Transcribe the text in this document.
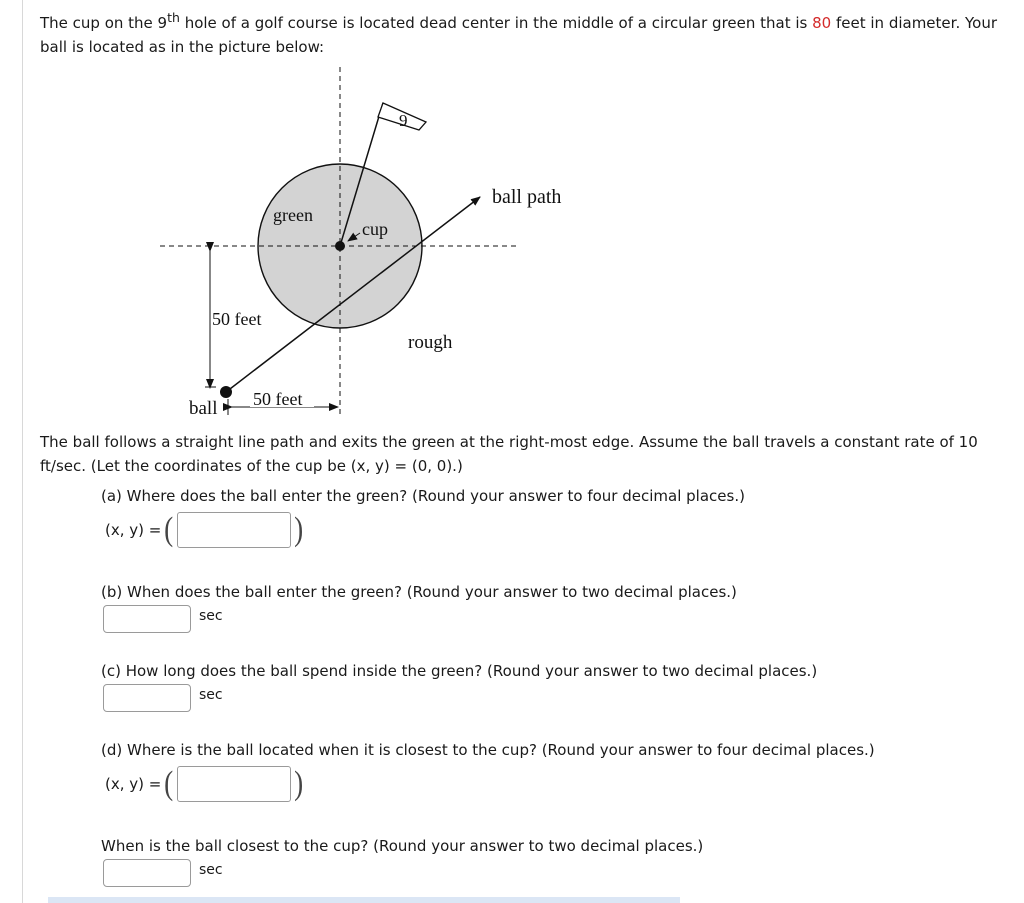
The cup on the 9th hole of a golf course is located dead center in the middle of a circular green that is 80 feet in diameter. Your ball is located as in the picture below:

9
green
cup
ball path
rough
50 feet
50 feet
ball

The ball follows a straight line path and exits the green at the right-most edge. Assume the ball travels a constant rate of 10 ft/sec. (Let the coordinates of the cup be (x, y) = (0, 0).)

(a) Where does the ball enter the green? (Round your answer to four decimal places.)

(x, y) = (	)

(b) When does the ball enter the green? (Round your answer to two decimal places.)

sec

(c) How long does the ball spend inside the green? (Round your answer to two decimal places.)

sec

(d) Where is the ball located when it is closest to the cup? (Round your answer to four decimal places.)

(x, y) = (	)

When is the ball closest to the cup? (Round your answer to two decimal places.)

sec
